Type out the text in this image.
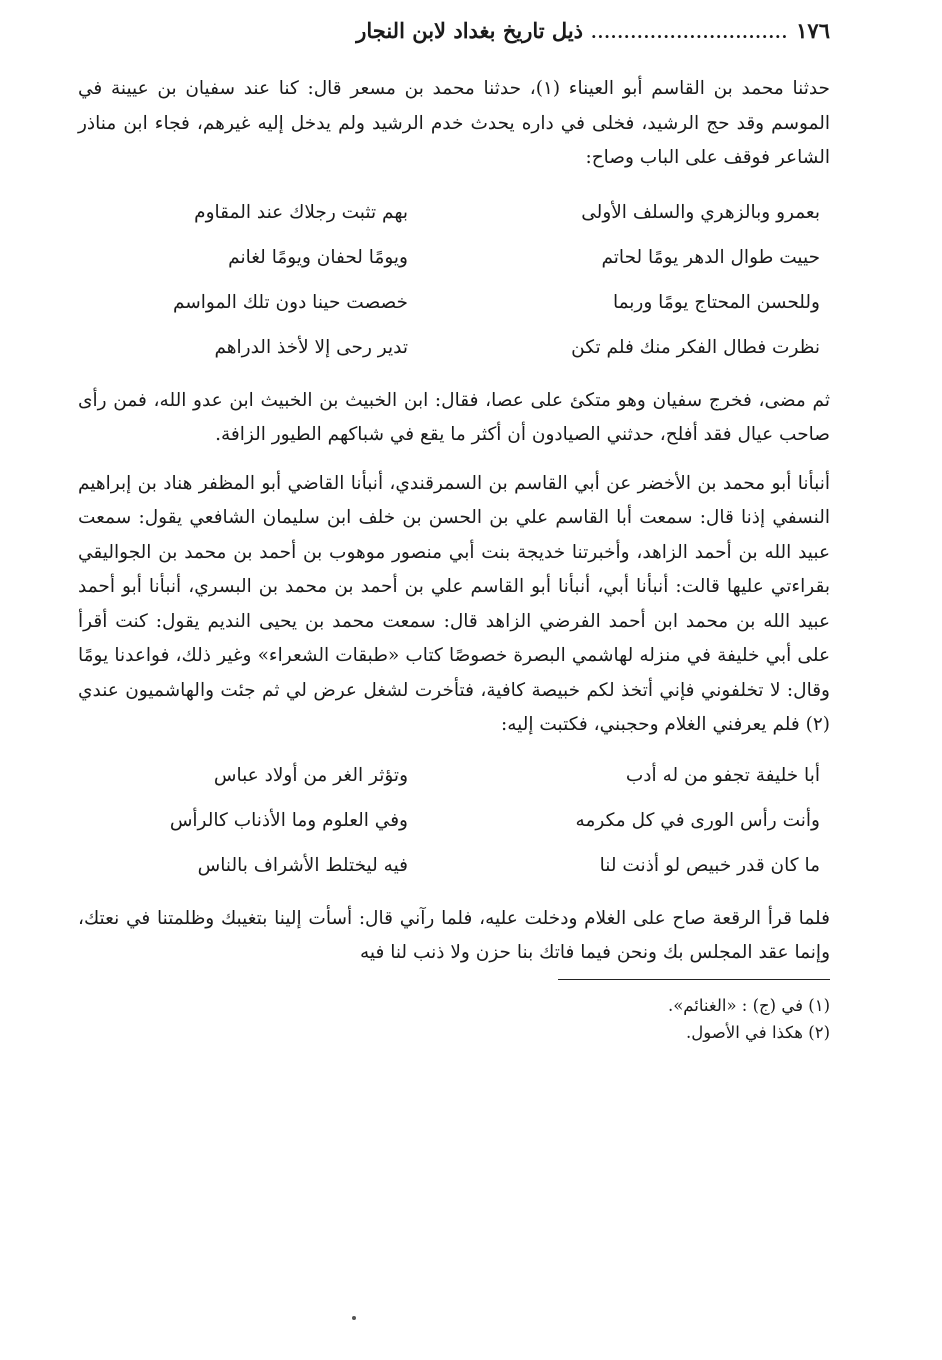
١٧٦
..............................
ذيل تاريخ بغداد لابن النجار

حدثنا محمد بن القاسم أبو العيناء (١)، حدثنا محمد بن مسعر قال: كنا عند سفيان بن عيينة في الموسم وقد حج الرشيد، فخلى في داره يحدث خدم الرشيد ولم يدخل إليه غيرهم، فجاء ابن مناذر الشاعر فوقف على الباب وصاح:

بعمرو وبالزهري والسلف الأولى
بهم تثبت رجلاك عند المقاوم
حييت طوال الدهر يومًا لحاتم
ويومًا لحفان ويومًا لغانم
وللحسن المحتاج يومًا وربما
خصصت حينا دون تلك المواسم
نظرت فطال الفكر منك فلم تكن
تدير رحى إلا لأخذ الدراهم

ثم مضى، فخرج سفيان وهو متكئ على عصا، فقال: ابن الخبيث بن الخبيث ابن عدو الله، فمن رأى صاحب عيال فقد أفلح، حدثني الصيادون أن أكثر ما يقع في شباكهم الطيور الزافة.

أنبأنا أبو محمد بن الأخضر عن أبي القاسم بن السمرقندي، أنبأنا القاضي أبو المظفر هناد بن إبراهيم النسفي إذنا قال: سمعت أبا القاسم علي بن الحسن بن خلف ابن سليمان الشافعي يقول: سمعت عبيد الله بن أحمد الزاهد، وأخبرتنا خديجة بنت أبي منصور موهوب بن أحمد بن محمد بن الجواليقي بقراءتي عليها قالت: أنبأنا أبي، أنبأنا أبو القاسم علي بن أحمد بن محمد بن البسري، أنبأنا أبو أحمد عبيد الله بن محمد ابن أحمد الفرضي الزاهد قال: سمعت محمد بن يحيى النديم يقول: كنت أقرأ على أبي خليفة في منزله لهاشمي البصرة خصوصًا كتاب «طبقات الشعراء» وغير ذلك، فواعدنا يومًا وقال: لا تخلفوني فإني أتخذ لكم خبيصة كافية، فتأخرت لشغل عرض لي ثم جئت والهاشميون عندي (٢) فلم يعرفني الغلام وحجبني، فكتبت إليه:

أبا خليفة تجفو من له أدب
وتؤثر الغر من أولاد عباس
وأنت رأس الورى في كل مكرمه
وفي العلوم وما الأذناب كالرأس
ما كان قدر خبيص لو أذنت لنا
فيه ليختلط الأشراف بالناس

فلما قرأ الرقعة صاح على الغلام ودخلت عليه، فلما رآني قال: أسأت إلينا بتغيبك وظلمتنا في نعتك، وإنما عقد المجلس بك ونحن فيما فاتك بنا حزن ولا ذنب لنا فيه

(١) في (ج) : «الغنائم».
(٢) هكذا في الأصول.
